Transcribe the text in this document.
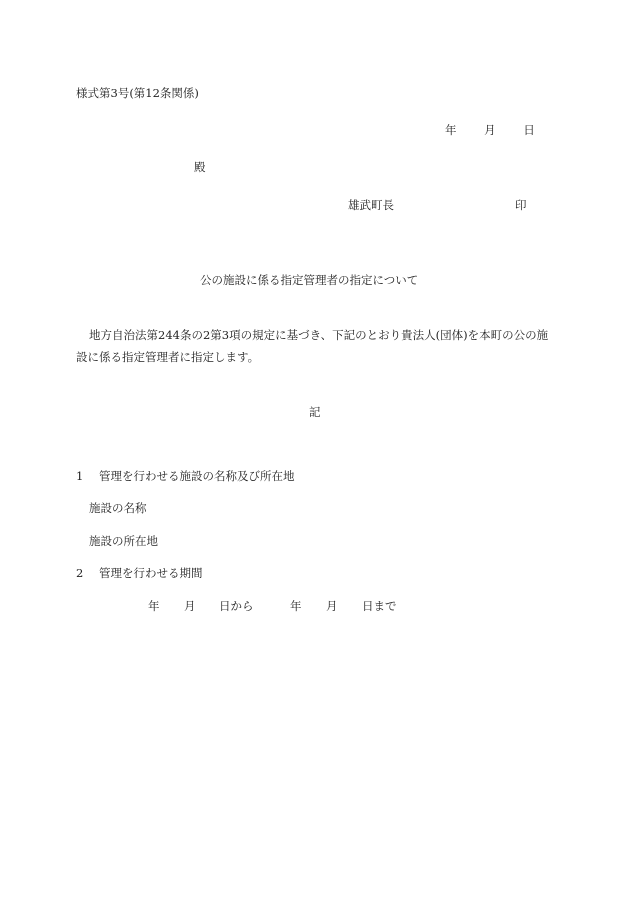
様式第3号(第12条関係)
年 月 日
殿
雄武町長	印
公の施設に係る指定管理者の指定について
地方自治法第244条の2第3項の規定に基づき、下記のとおり貴法人(団体)を本町の公の施
設に係る指定管理者に指定します。
記
1 管理を行わせる施設の名称及び所在地
施設の名称
施設の所在地
2 管理を行わせる期間
年 月 日から	年 月 日まで
